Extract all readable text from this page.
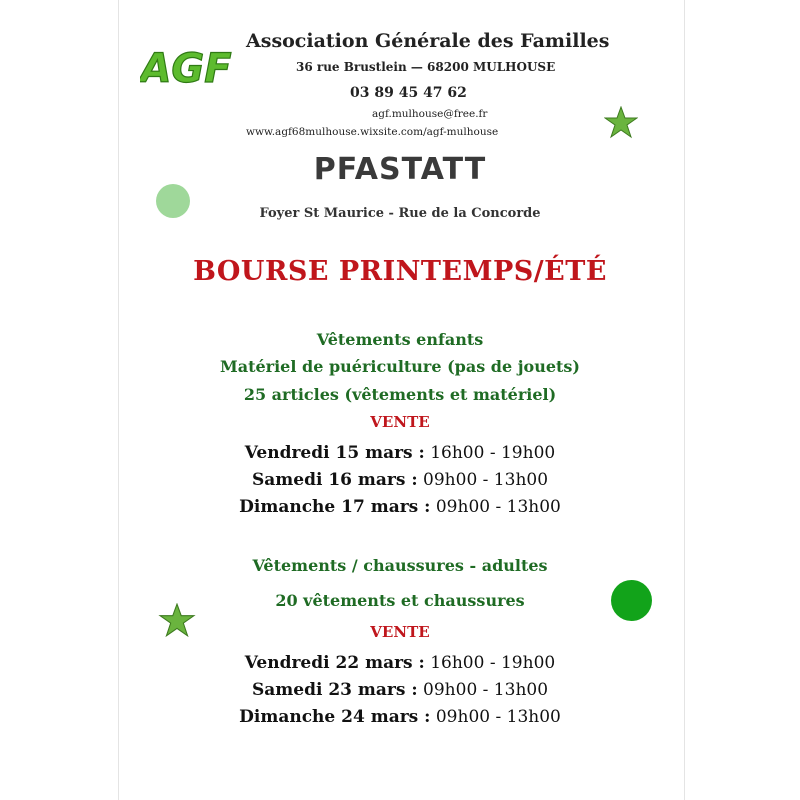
AGF
Association Générale des Familles
36 rue Brustlein — 68200 MULHOUSE
03 89 45 47 62
agf.mulhouse@free.fr
www.agf68mulhouse.wixsite.com/agf-mulhouse
PFASTATT
Foyer St Maurice - Rue de la Concorde
BOURSE PRINTEMPS/ÉTÉ
Vêtements enfants
Matériel de puériculture (pas de jouets)
25 articles (vêtements et matériel)
VENTE
Vendredi 15 mars : 16h00 - 19h00
Samedi 16 mars : 09h00 - 13h00
Dimanche 17 mars : 09h00 - 13h00
Vêtements / chaussures - adultes
20 vêtements et chaussures
VENTE
Vendredi 22 mars : 16h00 - 19h00
Samedi 23 mars : 09h00 - 13h00
Dimanche 24 mars : 09h00 - 13h00
